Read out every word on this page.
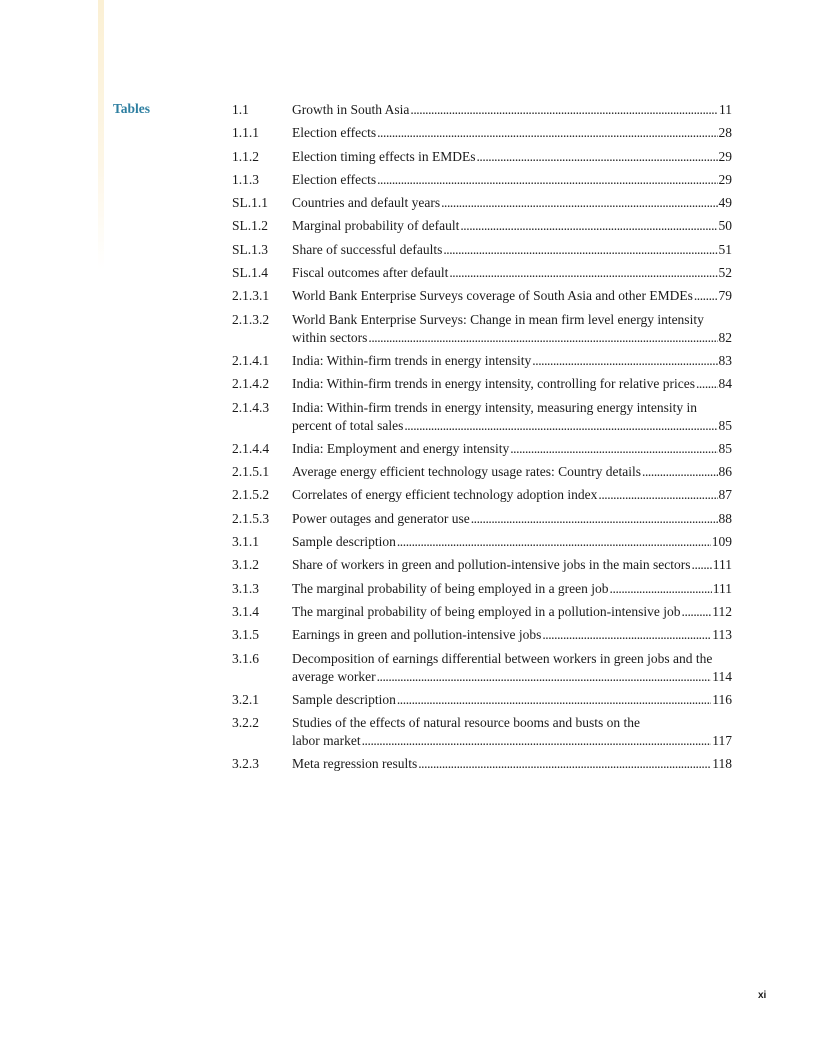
Tables	1.1	Growth in South Asia . . .	11
1.1.1	Election effects . . .	28
1.1.2	Election timing effects in EMDEs . . .	29
1.1.3	Election effects . . .	29
SL.1.1	Countries and default years . . .	49
SL.1.2	Marginal probability of default . . .	50
SL.1.3	Share of successful defaults . . .	51
SL.1.4	Fiscal outcomes after default . . .	52
2.1.3.1	World Bank Enterprise Surveys coverage of South Asia and other EMDEs . . . 79
2.1.3.2	World Bank Enterprise Surveys: Change in mean firm level energy intensity
within sectors . . .	82
2.1.4.1	India: Within-firm trends in energy intensity . . .	83
2.1.4.2	India: Within-firm trends in energy intensity, controlling for relative prices . . . 84
2.1.4.3	India: Within-firm trends in energy intensity, measuring energy intensity in
percent of total sales . . .	85
2.1.4.4	India: Employment and energy intensity . . .	85
2.1.5.1	Average energy efficient technology usage rates: Country details . . .	86
2.1.5.2	Correlates of energy efficient technology adoption index . . .	87
2.1.5.3	Power outages and generator use . . .	88
3.1.1	Sample description . . .	109
3.1.2	Share of workers in green and pollution-intensive jobs in the main sectors . . . 111
3.1.3	The marginal probability of being employed in a green job . . .	111
3.1.4	The marginal probability of being employed in a pollution-intensive job . . . 112
3.1.5	Earnings in green and pollution-intensive jobs . . .	113
3.1.6	Decomposition of earnings differential between workers in green jobs and the
average worker . . .	114
3.2.1	Sample description . . .	116
3.2.2	Studies of the effects of natural resource booms and busts on the
labor market . . .	117
3.2.3	Meta regression results . . .	118
xi
